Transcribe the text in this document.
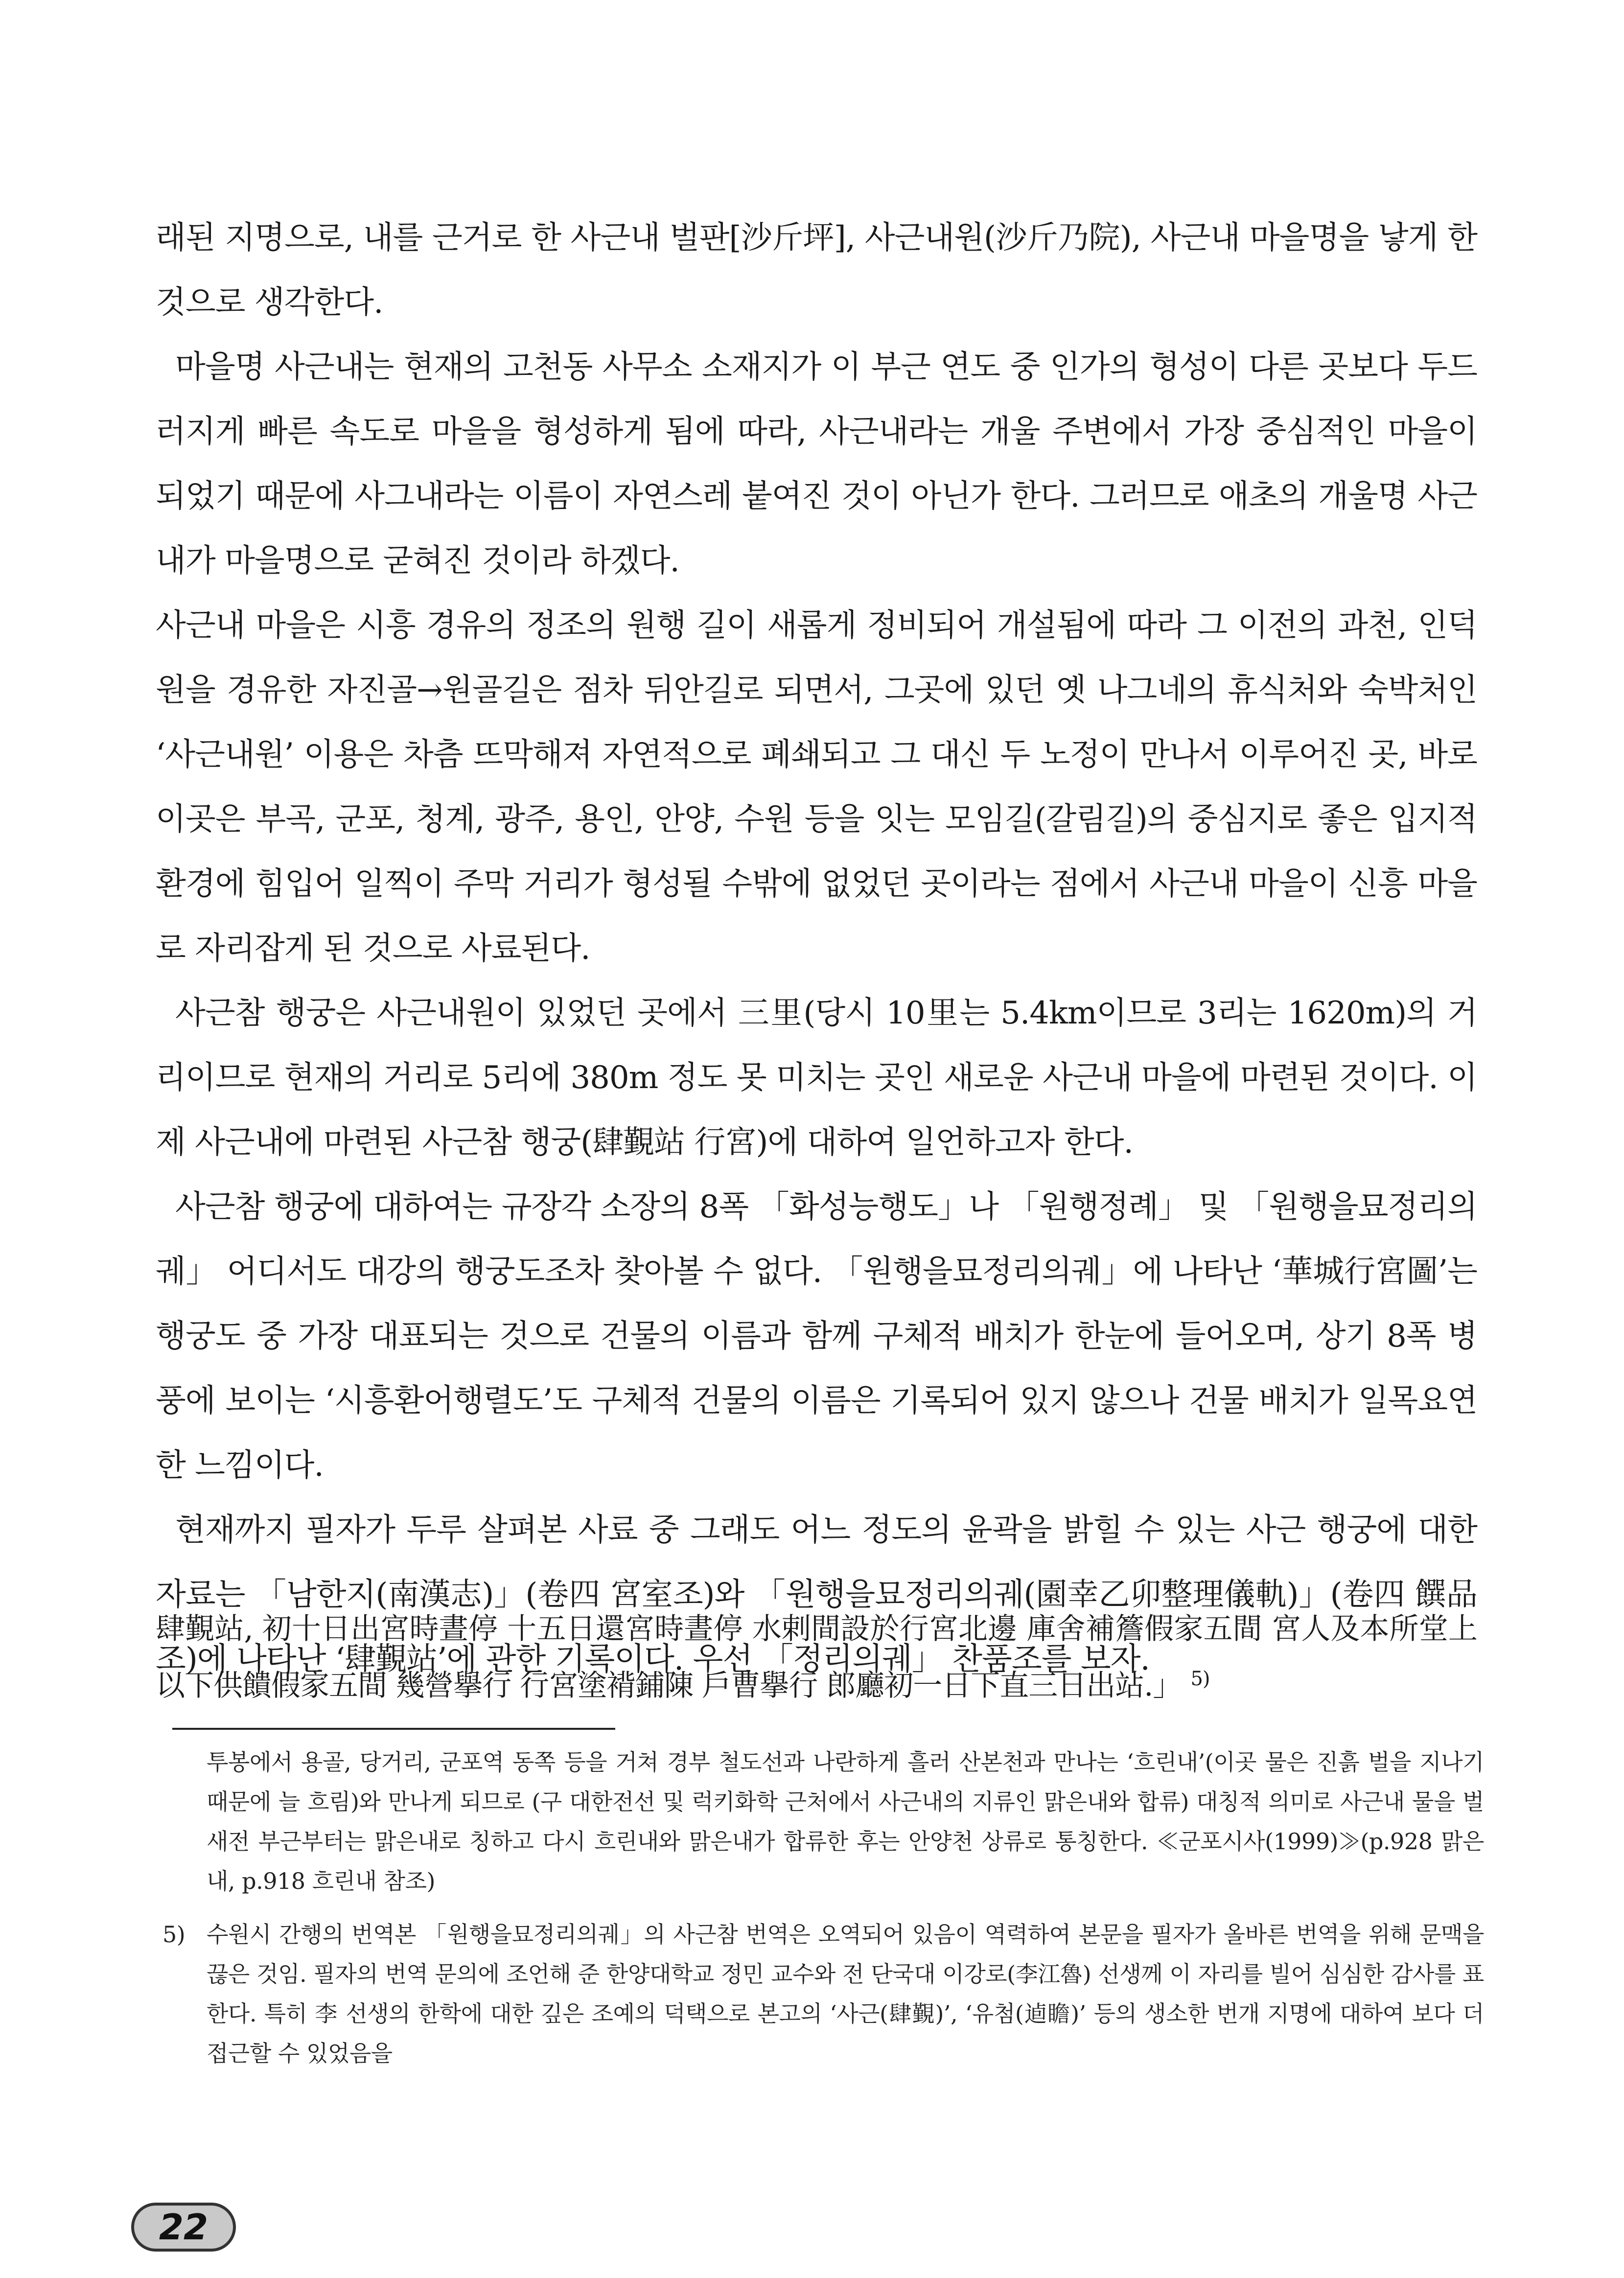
래된 지명으로, 내를 근거로 한 사근내 벌판[沙斤坪], 사근내원(沙斤乃院), 사근내 마을명을 낳게 한 것으로 생각한다.

마을명 사근내는 현재의 고천동 사무소 소재지가 이 부근 연도 중 인가의 형성이 다른 곳보다 두드러지게 빠른 속도로 마을을 형성하게 됨에 따라, 사근내라는 개울 주변에서 가장 중심적인 마을이 되었기 때문에 사그내라는 이름이 자연스레 붙여진 것이 아닌가 한다. 그러므로 애초의 개울명 사근내가 마을명으로 굳혀진 것이라 하겠다.

사근내 마을은 시흥 경유의 정조의 원행 길이 새롭게 정비되어 개설됨에 따라 그 이전의 과천, 인덕원을 경유한 자진골→원골길은 점차 뒤안길로 되면서, 그곳에 있던 옛 나그네의 휴식처와 숙박처인 ‘사근내원’ 이용은 차츰 뜨막해져 자연적으로 폐쇄되고 그 대신 두 노정이 만나서 이루어진 곳, 바로 이곳은 부곡, 군포, 청계, 광주, 용인, 안양, 수원 등을 잇는 모임길(갈림길)의 중심지로 좋은 입지적 환경에 힘입어 일찍이 주막 거리가 형성될 수밖에 없었던 곳이라는 점에서 사근내 마을이 신흥 마을로 자리잡게 된 것으로 사료된다.

사근참 행궁은 사근내원이 있었던 곳에서 三里(당시 10里는 5.4km이므로 3리는 1620m)의 거리이므로 현재의 거리로 5리에 380m 정도 못 미치는 곳인 새로운 사근내 마을에 마련된 것이다. 이제 사근내에 마련된 사근참 행궁(肆覲站 行宮)에 대하여 일언하고자 한다.

사근참 행궁에 대하여는 규장각 소장의 8폭 「화성능행도」나 「원행정례」 및 「원행을묘정리의궤」 어디서도 대강의 행궁도조차 찾아볼 수 없다. 「원행을묘정리의궤」에 나타난 ‘華城行宮圖’는 행궁도 중 가장 대표되는 것으로 건물의 이름과 함께 구체적 배치가 한눈에 들어오며, 상기 8폭 병풍에 보이는 ‘시흥환어행렬도’도 구체적 건물의 이름은 기록되어 있지 않으나 건물 배치가 일목요연한 느낌이다.

현재까지 필자가 두루 살펴본 사료 중 그래도 어느 정도의 윤곽을 밝힐 수 있는 사근 행궁에 대한 자료는 「남한지(南漢志)」(卷四 宮室조)와 「원행을묘정리의궤(園幸乙卯整理儀軌)」(卷四 饌品조)에 나타난 ‘肆覲站’에 관한 기록이다. 우선 「정리의궤」 찬품조를 보자.

肆覲站, 初十日出宮時晝停 十五日還宮時晝停 水剌間設於行宮北邊 庫舍補簷假家五間 宮人及本所堂上以下供饋假家五間 幾營擧行 行宮塗褙鋪陳 戶曹擧行 郎廳初一日下直三日出站.」 $^{5)}$

투봉에서 용골, 당거리, 군포역 동쪽 등을 거쳐 경부 철도선과 나란하게 흘러 산본천과 만나는 ‘흐린내’(이곳 물은 진흙 벌을 지나기 때문에 늘 흐림)와 만나게 되므로 (구 대한전선 및 럭키화학 근처에서 사근내의 지류인 맑은내와 합류) 대칭적 의미로 사근내 물을 벌새전 부근부터는 맑은내로 칭하고 다시 흐린내와 맑은내가 합류한 후는 안양천 상류로 통칭한다. ≪군포시사(1999)≫(p.928 맑은내, p.918 흐린내 참조)

5) 수원시 간행의 번역본 「원행을묘정리의궤」의 사근참 번역은 오역되어 있음이 역력하여 본문을 필자가 올바른 번역을 위해 문맥을 끊은 것임. 필자의 번역 문의에 조언해 준 한양대학교 정민 교수와 전 단국대 이강로(李江魯) 선생께 이 자리를 빌어 심심한 감사를 표한다. 특히 李 선생의 한학에 대한 깊은 조예의 덕택으로 본고의 ‘사근(肆覲)’, ‘유첨(逌瞻)’ 등의 생소한 번개 지명에 대하여 보다 더 접근할 수 있었음을
22
